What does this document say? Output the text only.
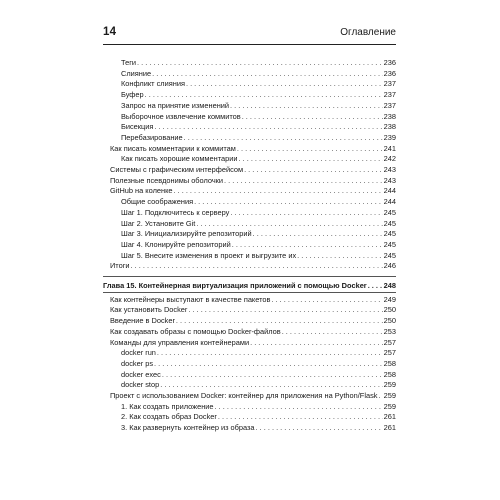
14	Оглавление
Теги . . .	236
Слияние . . .	236
Конфликт слияния . . .	237
Буфер . . .	237
Запрос на принятие изменений . . .	237
Выборочное извлечение коммитов . . .	238
Бисекция . . .	238
Перебазирование . . .	239
Как писать комментарии к коммитам . . .	241
Как писать хорошие комментарии . . .	242
Системы с графическим интерфейсом . . .	243
Полезные псевдонимы оболочки . . .	243
GitHub на коленке . . .	244
Общие соображения . . .	244
Шаг 1. Подключитесь к серверу . . .	245
Шаг 2. Установите Git . . .	245
Шаг 3. Инициализируйте репозиторий . . .	245
Шаг 4. Клонируйте репозиторий . . .	245
Шаг 5. Внесите изменения в проект и выгрузите их . . .	245
Итоги . . .	246
Глава 15. Контейнерная виртуализация приложений с помощью Docker . . . 248
Как контейнеры выступают в качестве пакетов . . .	249
Как установить Docker . . .	250
Введение в Docker . . .	250
Как создавать образы с помощью Docker-файлов . . .	253
Команды для управления контейнерами . . .	257
docker run . . .	257
docker ps . . .	258
docker exec . . .	258
docker stop . . .	259
Проект с использованием Docker: контейнер для приложения на Python/Flask . . . 259
1. Как создать приложение . . .	259
2. Как создать образ Docker . . .	261
3. Как развернуть контейнер из образа . . .	261
